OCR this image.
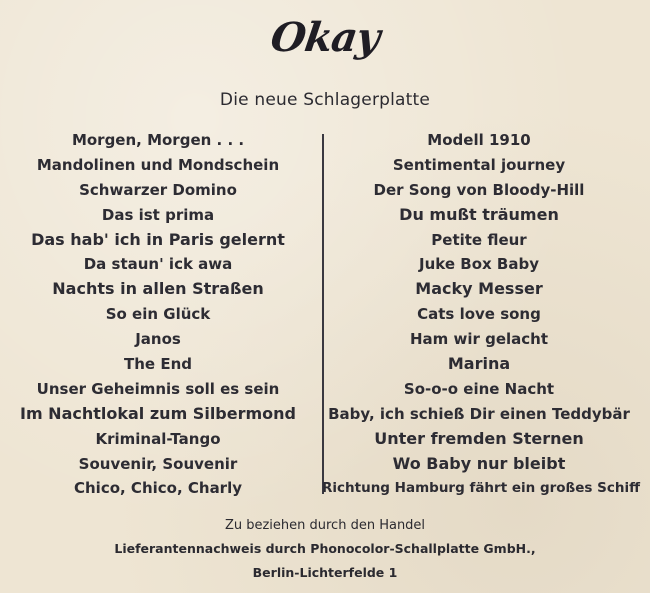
Okay
Die neue Schlagerplatte
Morgen, Morgen . . .
Mandolinen und Mondschein
Schwarzer Domino
Das ist prima
Das hab' ich in Paris gelernt
Da staun' ick awa
Nachts in allen Straßen
So ein Glück
Janos
The End
Unser Geheimnis soll es sein
Im Nachtlokal zum Silbermond
Kriminal-Tango
Souvenir, Souvenir
Chico, Chico, Charly
Modell 1910
Sentimental journey
Der Song von Bloody-Hill
Du mußt träumen
Petite fleur
Juke Box Baby
Macky Messer
Cats love song
Ham wir gelacht
Marina
So-o-o eine Nacht
Baby, ich schieß Dir einen Teddybär
Unter fremden Sternen
Wo Baby nur bleibt
Richtung Hamburg fährt ein großes Schiff
Zu beziehen durch den Handel
Lieferantennachweis durch Phonocolor-Schallplatte GmbH.,
Berlin-Lichterfelde 1
